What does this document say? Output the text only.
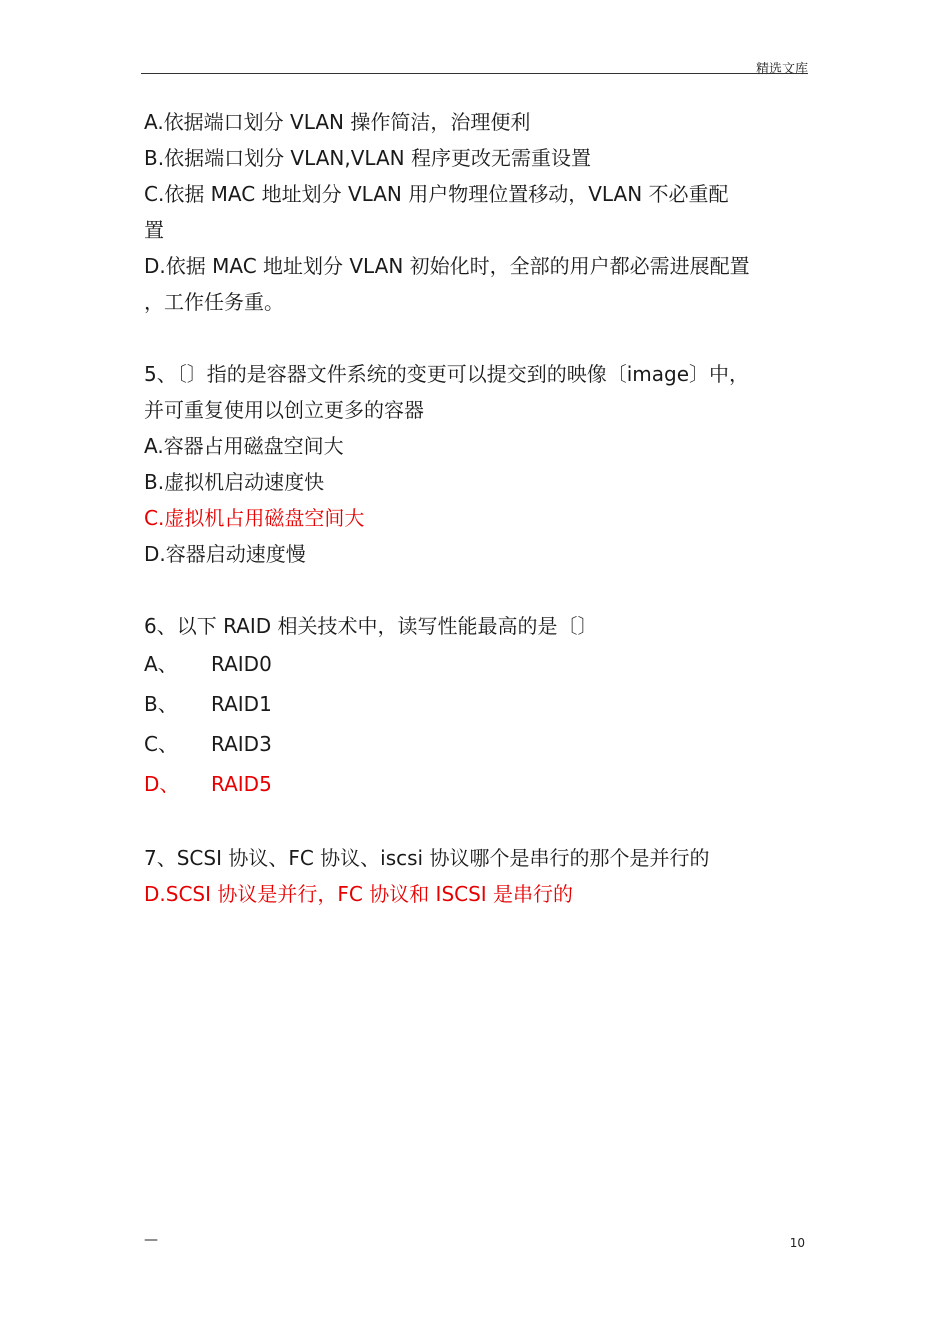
精选文库
A.依据端口划分 VLAN 操作简洁，治理便利
B.依据端口划分 VLAN,VLAN 程序更改无需重设置
C.依据 MAC 地址划分 VLAN 用户物理位置移动，VLAN 不必重配
置
D.依据 MAC 地址划分 VLAN 初始化时，全部的用户都必需进展配置
，工作任务重。
5、〔〕指的是容器文件系统的变更可以提交到的映像〔image〕中，
并可重复使用以创立更多的容器
A.容器占用磁盘空间大
B.虚拟机启动速度快
C.虚拟机占用磁盘空间大
D.容器启动速度慢
6、以下 RAID 相关技术中，读写性能最高的是〔〕
A、	RAID0
B、	RAID1
C、	RAID3
D、	RAID5
7、SCSI 协议、FC 协议、iscsi 协议哪个是串行的那个是并行的
D.SCSI 协议是并行，FC 协议和 ISCSI 是串行的
—	10
